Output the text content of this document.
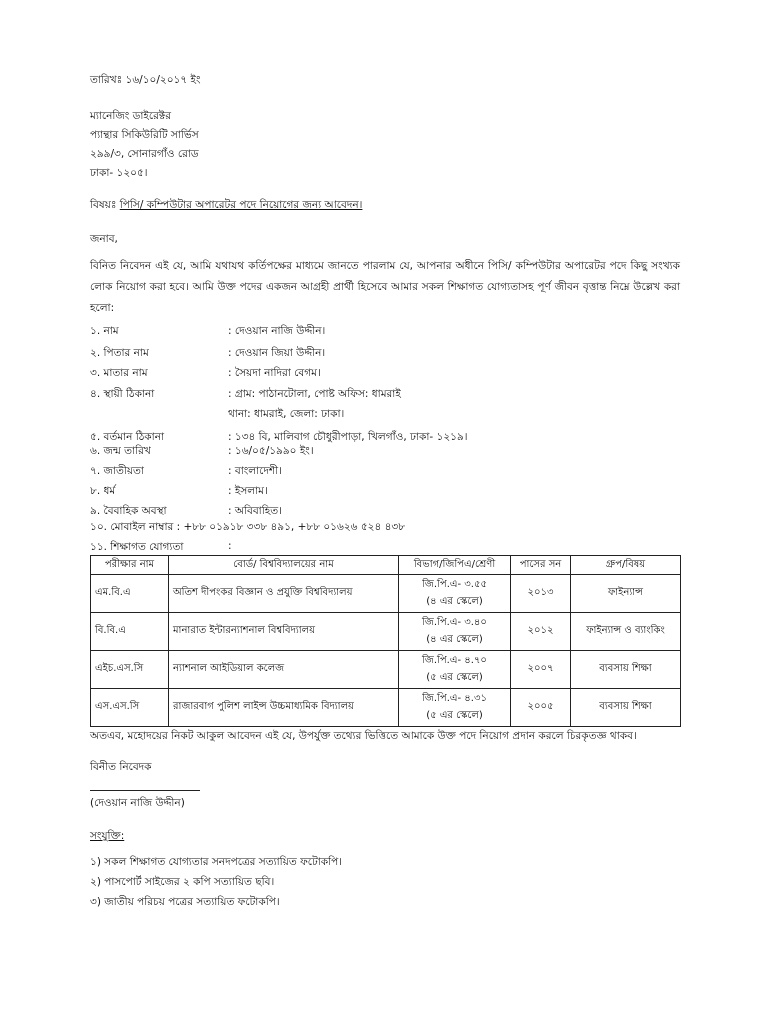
তারিখঃ ১৬/১০/২০১৭ ইং
ম্যানেজিং ডাইরেক্টর
প্যান্থার সিকিউরিটি সার্ভিস
২৯৯/৩, সোনারগাঁও রোড
ঢাকা- ১২০৫।
বিষয়ঃ পিসি/ কম্পিউটার অপারেটর পদে নিয়োগের জন্য আবেদন।
জনাব,
বিনিত নিবেদন এই যে, আমি যথাযথ কর্তিপক্ষের মাধ্যমে জানতে পারলাম যে, আপনার অধীনে পিসি/ কম্পিউটার অপারেটর পদে কিছু সংখ্যক লোক নিয়োগ করা হবে। আমি উক্ত পদের একজন আগ্রহী প্রার্থী হিসেবে আমার সকল শিক্ষাগত যোগ্যতাসহ পূর্ণ জীবন বৃত্তান্ত নিম্নে উল্লেখ করা হলো:
১. নাম	: দেওয়ান নাজি উদ্দীন।
২. পিতার নাম	: দেওয়ান জিয়া উদ্দীন।
৩. মাতার নাম	: সৈয়দা নাদিরা বেগম।
৪. স্থায়ী ঠিকানা	: গ্রাম: পাঠানটোলা, পোষ্ট অফিস: ধামরাই
থানা: ধামরাই, জেলা: ঢাকা।
৫. বর্তমান ঠিকানা	: ১৩৪ বি, মালিবাগ চৌধুরীপাড়া, খিলগাঁও, ঢাকা- ১২১৯।
৬. জন্ম তারিখ	: ১৬/০৫/১৯৯০ ইং।
৭. জাতীয়তা	: বাংলাদেশী।
৮. ধর্ম	: ইসলাম।
৯. বৈবাহিক অবস্থা	: অবিবাহিত।
১০. মোবাইল নাম্বার : +৮৮ ০১৯১৮ ৩৩৮ ৪৯১, +৮৮ ০১৬২৬ ৫২৪ ৪৩৮
১১. শিক্ষাগত যোগ্যতা	:
পরীক্ষার নাম	বোর্ড/ বিশ্ববিদ্যালয়ের নাম	বিভাগ/জিপিএ/শ্রেণী	পাসের সন	গ্রুপ/বিষয়
এম.বি.এ	অতিশ দীপংকর বিজ্ঞান ও প্রযুক্তি বিশ্ববিদ্যালয়	জি.পি.এ- ৩.৫৫
(৪ এর স্কেলে)	২০১৩	ফাইন্যান্স
বি.বি.এ	মানারাত ইন্টারন্যাশনাল বিশ্ববিদ্যালয়	জি.পি.এ- ৩.৪০
(৪ এর স্কেলে)	২০১২	ফাইন্যান্স ও ব্যাংকিং
এইচ.এস.সি	ন্যাশনাল আইডিয়াল কলেজ	জি.পি.এ- ৪.৭০
(৫ এর স্কেলে)	২০০৭	ব্যবসায় শিক্ষা
এস.এস.সি	রাজারবাগ পুলিশ লাইন্স উচ্চমাধ্যমিক বিদ্যালয়	জি.পি.এ- ৪.৩১
(৫ এর স্কেলে)	২০০৫	ব্যবসায় শিক্ষা
অতএব, মহোদয়ের নিকট আকুল আবেদন এই যে, উপর্যুক্ত তথ্যের ভিত্তিতে আমাকে উক্ত পদে নিয়োগ প্রদান করলে চিরকৃতজ্ঞ থাকব।
বিনীত নিবেদক
(দেওয়ান নাজি উদ্দীন)
সংযুক্তি:
১) সকল শিক্ষাগত যোগ্যতার সনদপত্রের সত্যায়িত ফটোকপি।
২) পাসপোর্ট সাইজের ২ কপি সত্যায়িত ছবি।
৩) জাতীয় পরিচয় পত্রের সত্যায়িত ফটোকপি।
